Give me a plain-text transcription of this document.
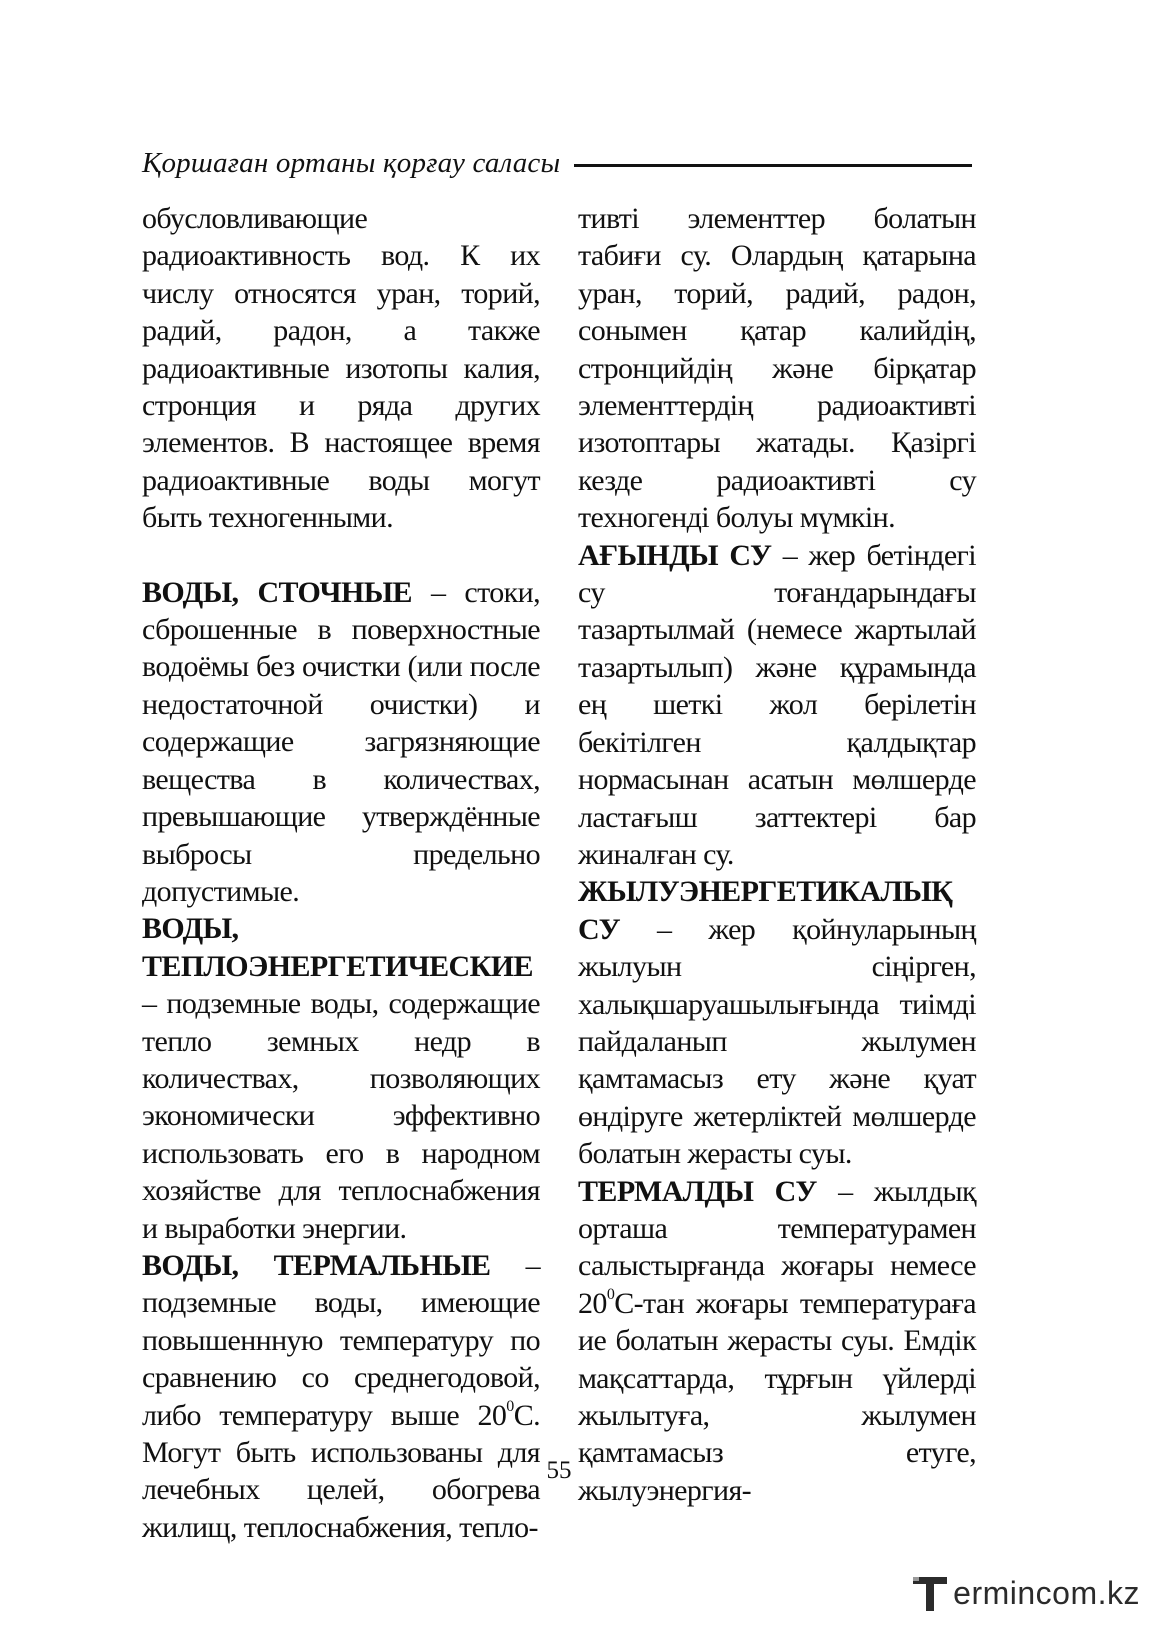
Қоршаған ортаны қорғау саласы

обусловливающие радиоактивность вод. К их числу относятся уран, торий, радий, радон, а также радиоактивные изотопы калия, стронция и ряда других элементов. В настоящее время радиоактивные воды могут быть техногенными.

ВОДЫ, СТОЧНЫЕ – стоки, сброшенные в поверхностные водоёмы без очистки (или после недостаточной очистки) и содержащие загрязняющие вещества в количествах, превышающие утверждённые выбросы предельно допустимые.

ВОДЫ, ТЕПЛОЭНЕРГЕТИЧЕСКИЕ – подземные воды, содержащие тепло земных недр в количествах, позволяющих экономически эффективно использовать его в народном хозяйстве для теплоснабжения и выработки энергии.

ВОДЫ, ТЕРМАЛЬНЫЕ – подземные воды, имеющие повышеннную температуру по сравнению со среднегодовой, либо температуру выше $20^0С$. Могут быть использованы для лечебных целей, обогрева жилищ, теплоснабжения, тепло-

тивті элементтер болатын табиғи су. Олардың қатарына уран, торий, радий, радон, сонымен қатар калийдің, стронцийдің және бірқатар элементтердің радиоактивті изотоптары жатады. Қазіргі кезде радиоактивті су техногенді болуы мүмкін.

АҒЫНДЫ СУ – жер бетіндегі су тоғандарындағы тазартылмай (немесе жартылай тазартылып) және құрамында ең шеткі жол берілетін бекітілген қалдықтар нормасынан асатын мөлшерде ластағыш заттектері бар жиналған су.

ЖЫЛУЭНЕРГЕТИКАЛЫҚ СУ – жер қойнуларының жылуын сіңірген, халықшаруашылығында тиімді пайдаланып жылумен қамтамасыз ету және қуат өндіруге жетерліктей мөлшерде болатын жерасты суы.

ТЕРМАЛДЫ СУ – жылдық орташа температурамен салыстырғанда жоғары немесе $20^0С$-тан жоғары температураға ие болатын жерасты суы. Емдік мақсаттарда, тұрғын үйлерді жылытуға, жылумен қамтамасыз етуге, жылуэнергия-

55
ermincom.kz
